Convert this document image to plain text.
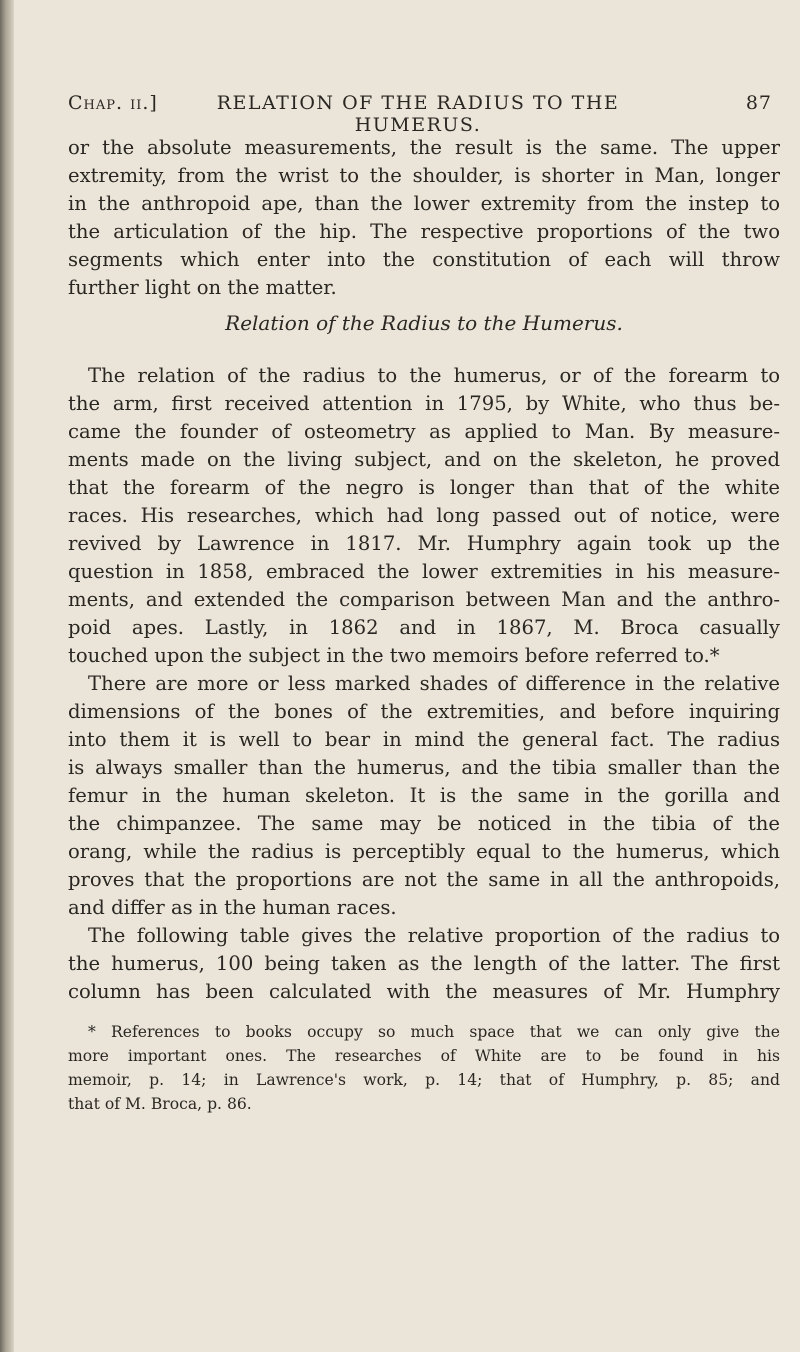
Chap. ii.]	RELATION OF THE RADIUS TO THE HUMERUS.
87
or the absolute measurements, the result is the same. The upper
extremity, from the wrist to the shoulder, is shorter in Man, longer
in the anthropoid ape, than the lower extremity from the instep to
the articulation of the hip. The respective proportions of the two
segments which enter into the constitution of each will throw
further light on the matter.
Relation of the Radius to the Humerus.
The relation of the radius to the humerus, or of the forearm to
the arm, first received attention in 1795, by White, who thus be-
came the founder of osteometry as applied to Man. By measure-
ments made on the living subject, and on the skeleton, he proved
that the forearm of the negro is longer than that of the white
races. His researches, which had long passed out of notice, were
revived by Lawrence in 1817. Mr. Humphry again took up the
question in 1858, embraced the lower extremities in his measure-
ments, and extended the comparison between Man and the anthro-
poid apes. Lastly, in 1862 and in 1867, M. Broca casually
touched upon the subject in the two memoirs before referred to.*
There are more or less marked shades of difference in the relative
dimensions of the bones of the extremities, and before inquiring
into them it is well to bear in mind the general fact. The radius
is always smaller than the humerus, and the tibia smaller than the
femur in the human skeleton. It is the same in the gorilla and
the chimpanzee. The same may be noticed in the tibia of the
orang, while the radius is perceptibly equal to the humerus, which
proves that the proportions are not the same in all the anthropoids,
and differ as in the human races.
The following table gives the relative proportion of the radius to
the humerus, 100 being taken as the length of the latter. The first
column has been calculated with the measures of Mr. Humphry
* References to books occupy so much space that we can only give the
more important ones. The researches of White are to be found in his
memoir, p. 14; in Lawrence's work, p. 14; that of Humphry, p. 85; and
that of M. Broca, p. 86.
